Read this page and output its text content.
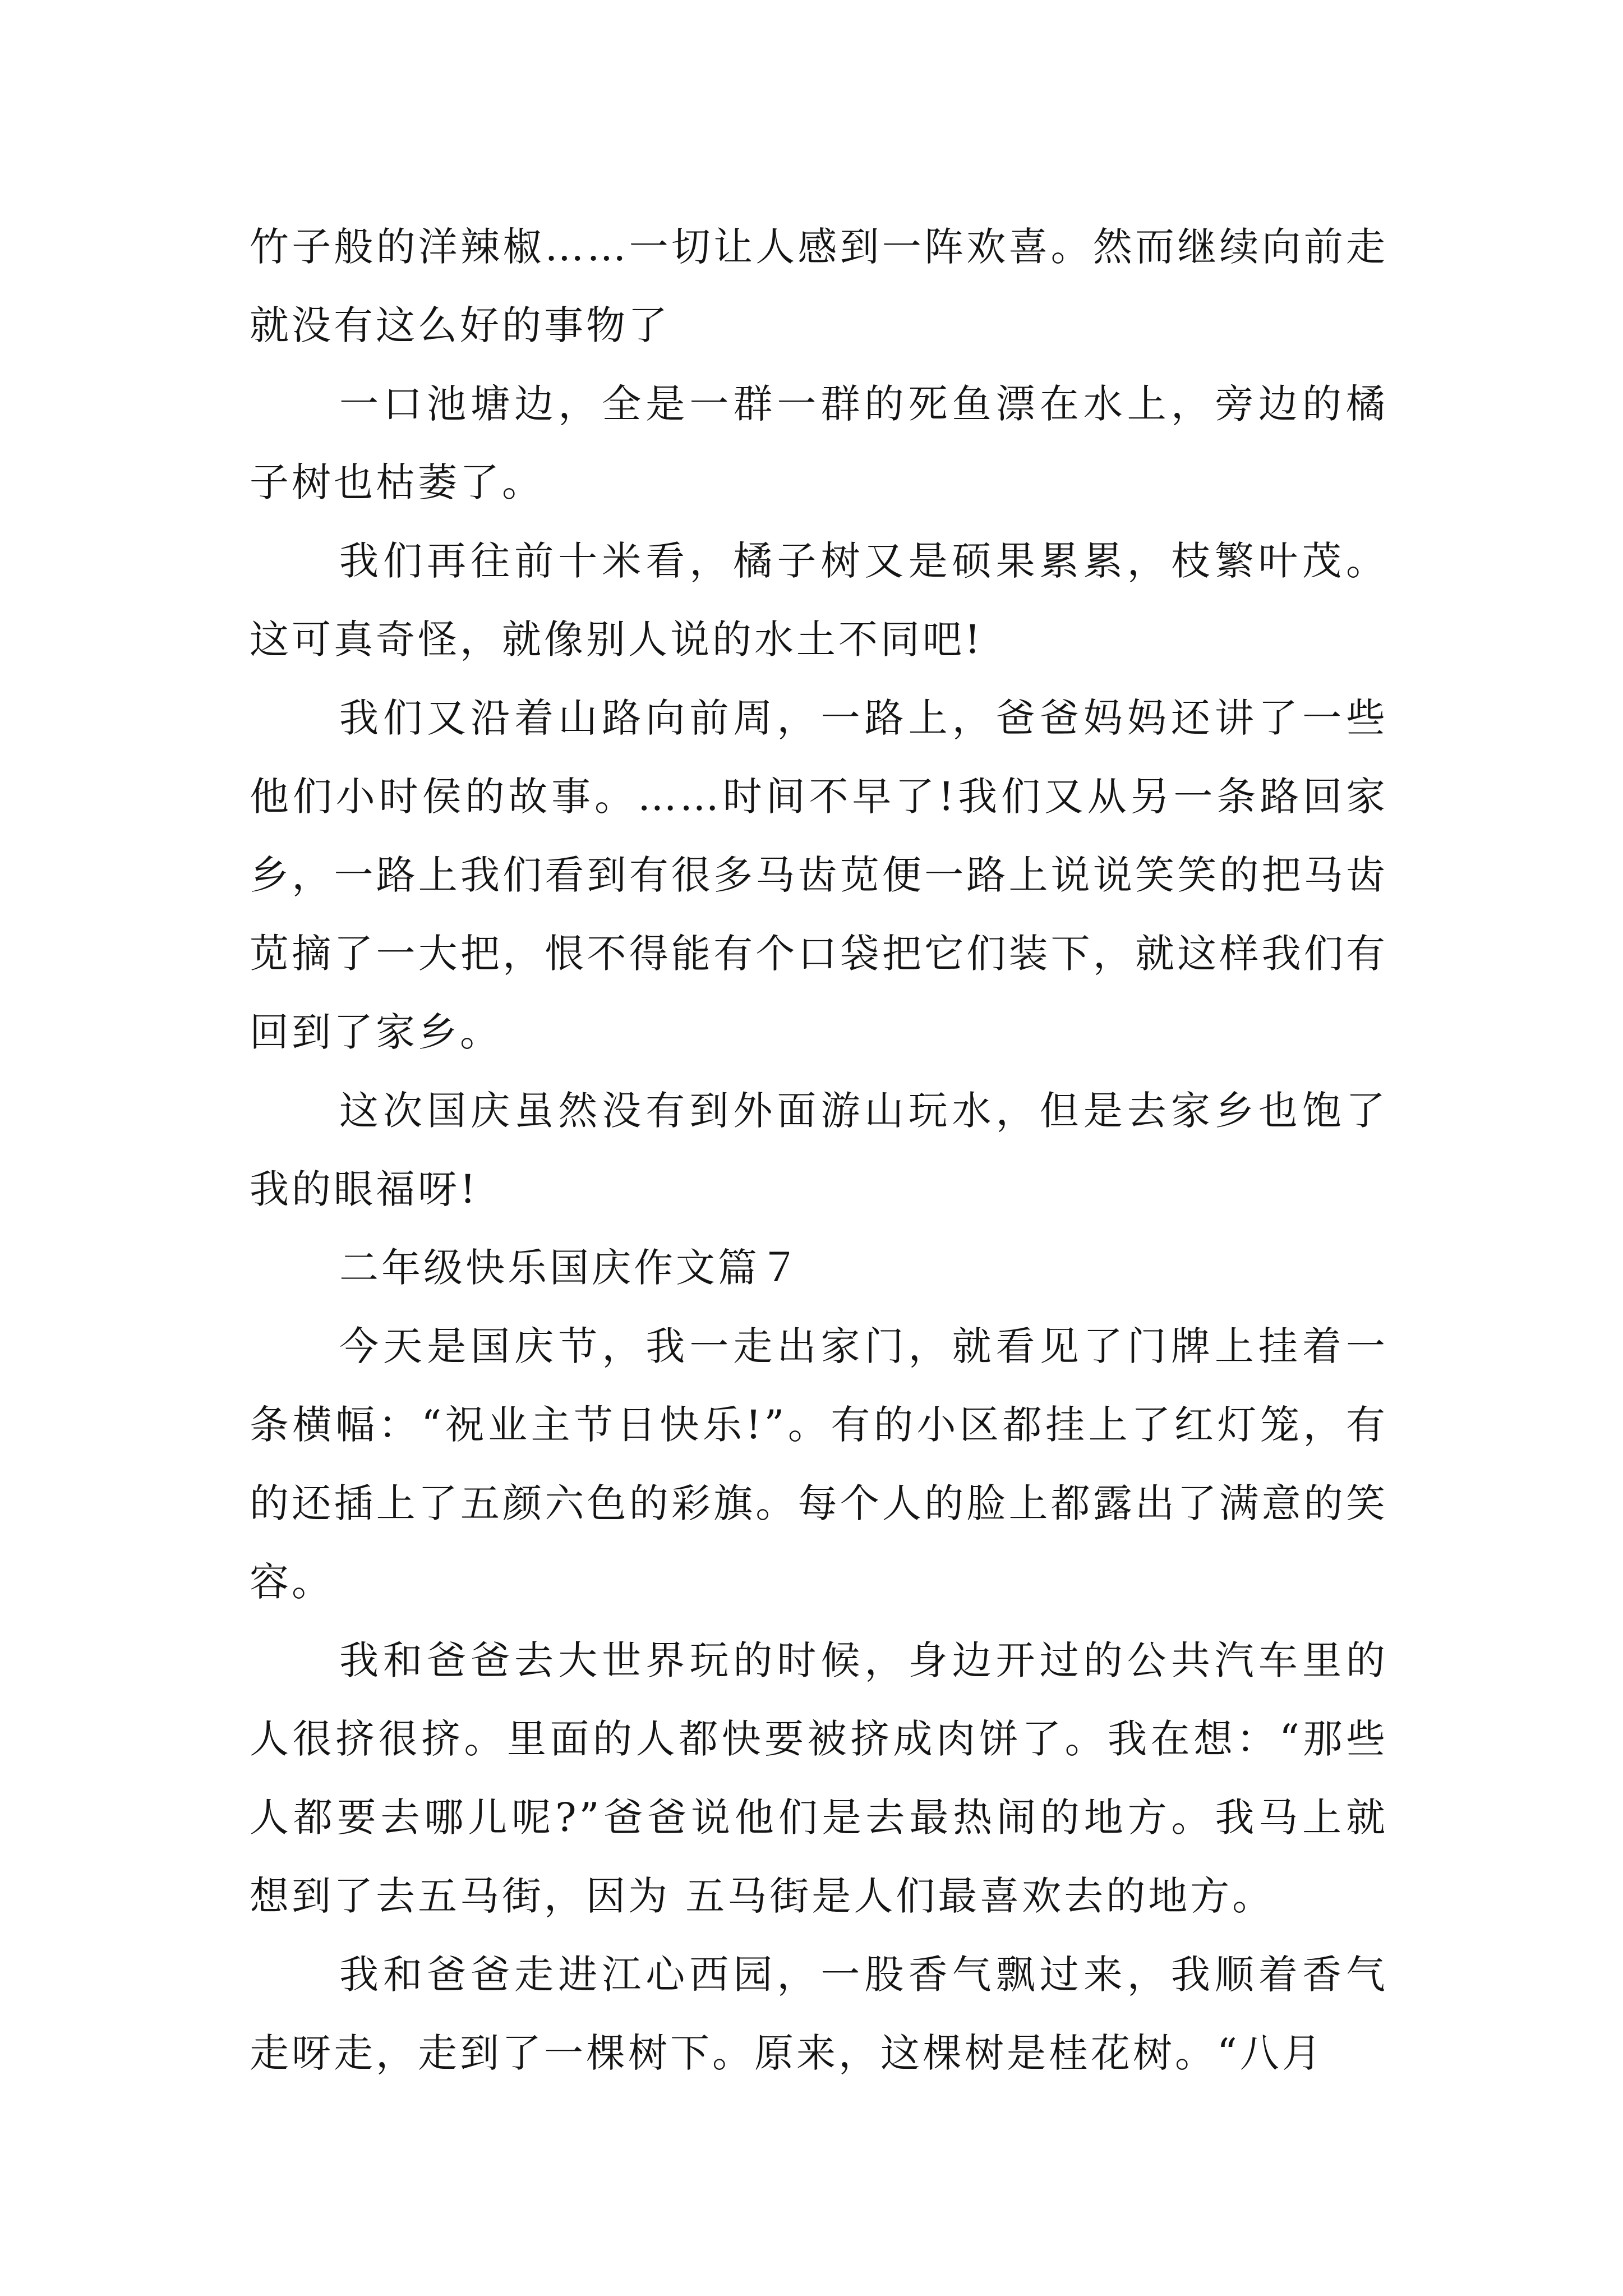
竹子般的洋辣椒……一切让人感到一阵欢喜。然而继续向前走就没有这么好的事物了

一口池塘边，全是一群一群的死鱼漂在水上，旁边的橘子树也枯萎了。

我们再往前十米看，橘子树又是硕果累累，枝繁叶茂。这可真奇怪，就像别人说的水土不同吧!

我们又沿着山路向前周，一路上，爸爸妈妈还讲了一些他们小时侯的故事。……时间不早了!我们又从另一条路回家乡，一路上我们看到有很多马齿苋便一路上说说笑笑的把马齿苋摘了一大把，恨不得能有个口袋把它们装下，就这样我们有回到了家乡。

这次国庆虽然没有到外面游山玩水，但是去家乡也饱了我的眼福呀!

二年级快乐国庆作文篇７

今天是国庆节，我一走出家门，就看见了门牌上挂着一条横幅：“祝业主节日快乐!”。有的小区都挂上了红灯笼，有的还插上了五颜六色的彩旗。每个人的脸上都露出了满意的笑容。

我和爸爸去大世界玩的时候，身边开过的公共汽车里的人很挤很挤。里面的人都快要被挤成肉饼了。我在想：“那些人都要去哪儿呢?”爸爸说他们是去最热闹的地方。我马上就想到了去五马街，因为 五马街是人们最喜欢去的地方。

我和爸爸走进江心西园，一股香气飘过来，我顺着香气走呀走，走到了一棵树下。原来，这棵树是桂花树。“八月
